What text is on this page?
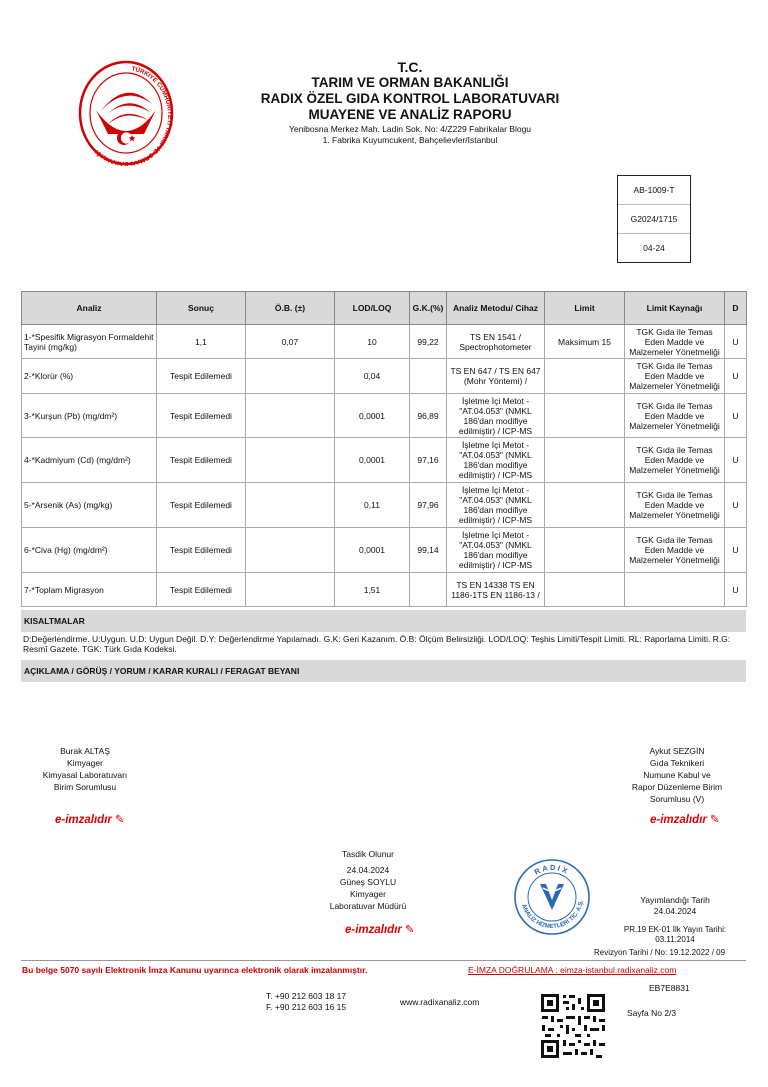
TÜRKİYE CUMHURİYETİ TARIM VE ORMAN BAKANLIĞI
T.C.
TARIM VE ORMAN BAKANLIĞI
RADIX ÖZEL GIDA KONTROL LABORATUVARI
MUAYENE VE ANALİZ RAPORU
Yenibosna Merkez Mah. Ladin Sok. No: 4/Z229 Fabrikalar Blogu
1. Fabrika Kuyumcukent, Bahçelievler/Istanbul
AB-1009-T
G2024/1715
04-24
Analiz	Sonuç	Ö.B. (±)	LOD/LOQ	G.K.(%)	Analiz Metodu/ Cihaz	Limit	Limit Kaynağı	D
1-*Spesifik Migrasyon Formaldehit Tayini (mg/kg)	1,1	0,07	10	99,22	TS EN 1541 / Spectrophotometer	Maksimum 15	TGK Gıda ile Temas Eden Madde ve Malzemeler Yönetmeliği	U
2-*Klorür (%)	Tespit Edilemedi		0,04		TS EN 647 / TS EN 647 (Mohr Yöntemi) /		TGK Gıda ile Temas Eden Madde ve Malzemeler Yönetmeliği	U
3-*Kurşun (Pb) (mg/dm²)	Tespit Edilemedi		0,0001	96,89	İşletme İçi Metot - "AT.04.053" (NMKL 186'dan modifiye edilmiştir) / ICP-MS		TGK Gıda ile Temas Eden Madde ve Malzemeler Yönetmeliği	U
4-*Kadmiyum (Cd) (mg/dm²)	Tespit Edilemedi		0,0001	97,16	İşletme İçi Metot - "AT.04.053" (NMKL 186'dan modifiye edilmiştir) / ICP-MS		TGK Gıda ile Temas Eden Madde ve Malzemeler Yönetmeliği	U
5-*Arsenik (As) (mg/kg)	Tespit Edilemedi		0,11	97,96	İşletme İçi Metot - "AT.04.053" (NMKL 186'dan modifiye edilmiştir) / ICP-MS		TGK Gıda ile Temas Eden Madde ve Malzemeler Yönetmeliği	U
6-*Civa (Hg) (mg/dm²)	Tespit Edilemedi		0,0001	99,14	İşletme İçi Metot - "AT.04.053" (NMKL 186'dan modifiye edilmiştir) / ICP-MS		TGK Gıda ile Temas Eden Madde ve Malzemeler Yönetmeliği	U
7-*Toplam Migrasyon	Tespit Edilemedi		1,51		TS EN 14338 TS EN 1186-1TS EN 1186-13 /			U
KISALTMALAR
D:Değerlendirme. U:Uygun. U.D: Uygun Değil. D.Y: Değerlendirme Yapılamadı. G.K: Geri Kazanım. Ö.B: Ölçüm Belirsizliği. LOD/LOQ: Teşhis Limiti/Tespit Limiti. RL: Raporlama Limiti. R.G: Resmî Gazete. TGK: Türk Gıda Kodeksi.
AÇIKLAMA / GÖRÜŞ / YORUM / KARAR KURALI / FERAGAT BEYANI
Burak ALTAŞ
Kimyager
Kimyasal Laboratuvarı
Birim Sorumlusu
e-imzalıdır ✎
Aykut SEZGİN
Gıda Teknikeri
Numune Kabul ve
Rapor Düzenleme Birim
Sorumlusu (V)
e-imzalıdır ✎
Tasdik Olunur
24.04.2024
Güneş SOYLU
Kimyager
Laboratuvar Müdürü
e-imzalıdır ✎
RADIX
ANALİZ HİZMETLERİ TİC. A.Ş.	Yayımlandığı Tarih
24.04.2024
PR.19 EK-01 İlk Yayın Tarihi:
03.11.2014
Revizyon Tarihi / No: 19.12.2022 / 09
Bu belge 5070 sayılı Elektronik İmza Kanunu uyarınca elektronik olarak imzalanmıştır.	E-İMZA DOĞRULAMA : eimza-istanbul.radixanaliz.com
EB7E8831
T. +90 212 603 18 17
F. +90 212 603 16 15	www.radixanaliz.com
Sayfa No 2/3
